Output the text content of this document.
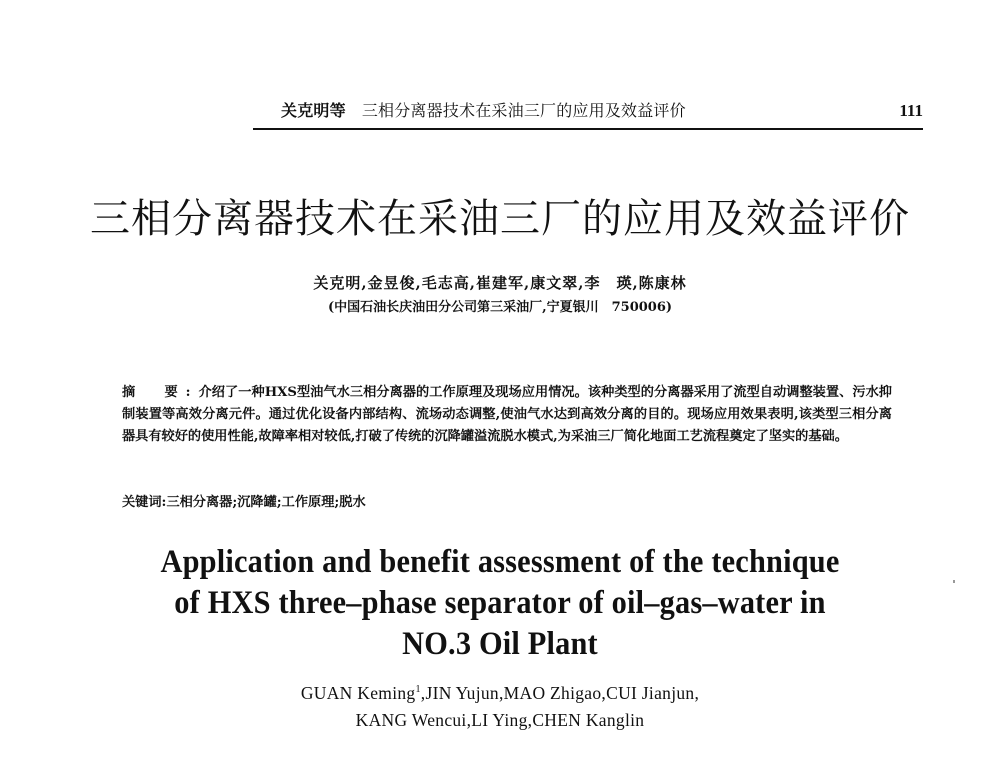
关克明等 三相分离器技术在采油三厂的应用及效益评价	111
三相分离器技术在采油三厂的应用及效益评价
关克明,金昱俊,毛志高,崔建军,康文翠,李　瑛,陈康林
(中国石油长庆油田分公司第三采油厂,宁夏银川　750006)
摘　要:介绍了一种HXS型油气水三相分离器的工作原理及现场应用情况。该种类型的分离器采用了流型自动调整装置、污水抑制装置等高效分离元件。通过优化设备内部结构、流场动态调整,使油气水达到高效分离的目的。现场应用效果表明,该类型三相分离器具有较好的使用性能,故障率相对较低,打破了传统的沉降罐溢流脱水模式,为采油三厂简化地面工艺流程奠定了坚实的基础。
关键词:三相分离器;沉降罐;工作原理;脱水
Application and benefit assessment of the technique
of HXS three–phase separator of oil–gas–water in
NO.3 Oil Plant
GUAN Keming$^1$,JIN Yujun,MAO Zhigao,CUI Jianjun,
KANG Wencui,LI Ying,CHEN Kanglin
